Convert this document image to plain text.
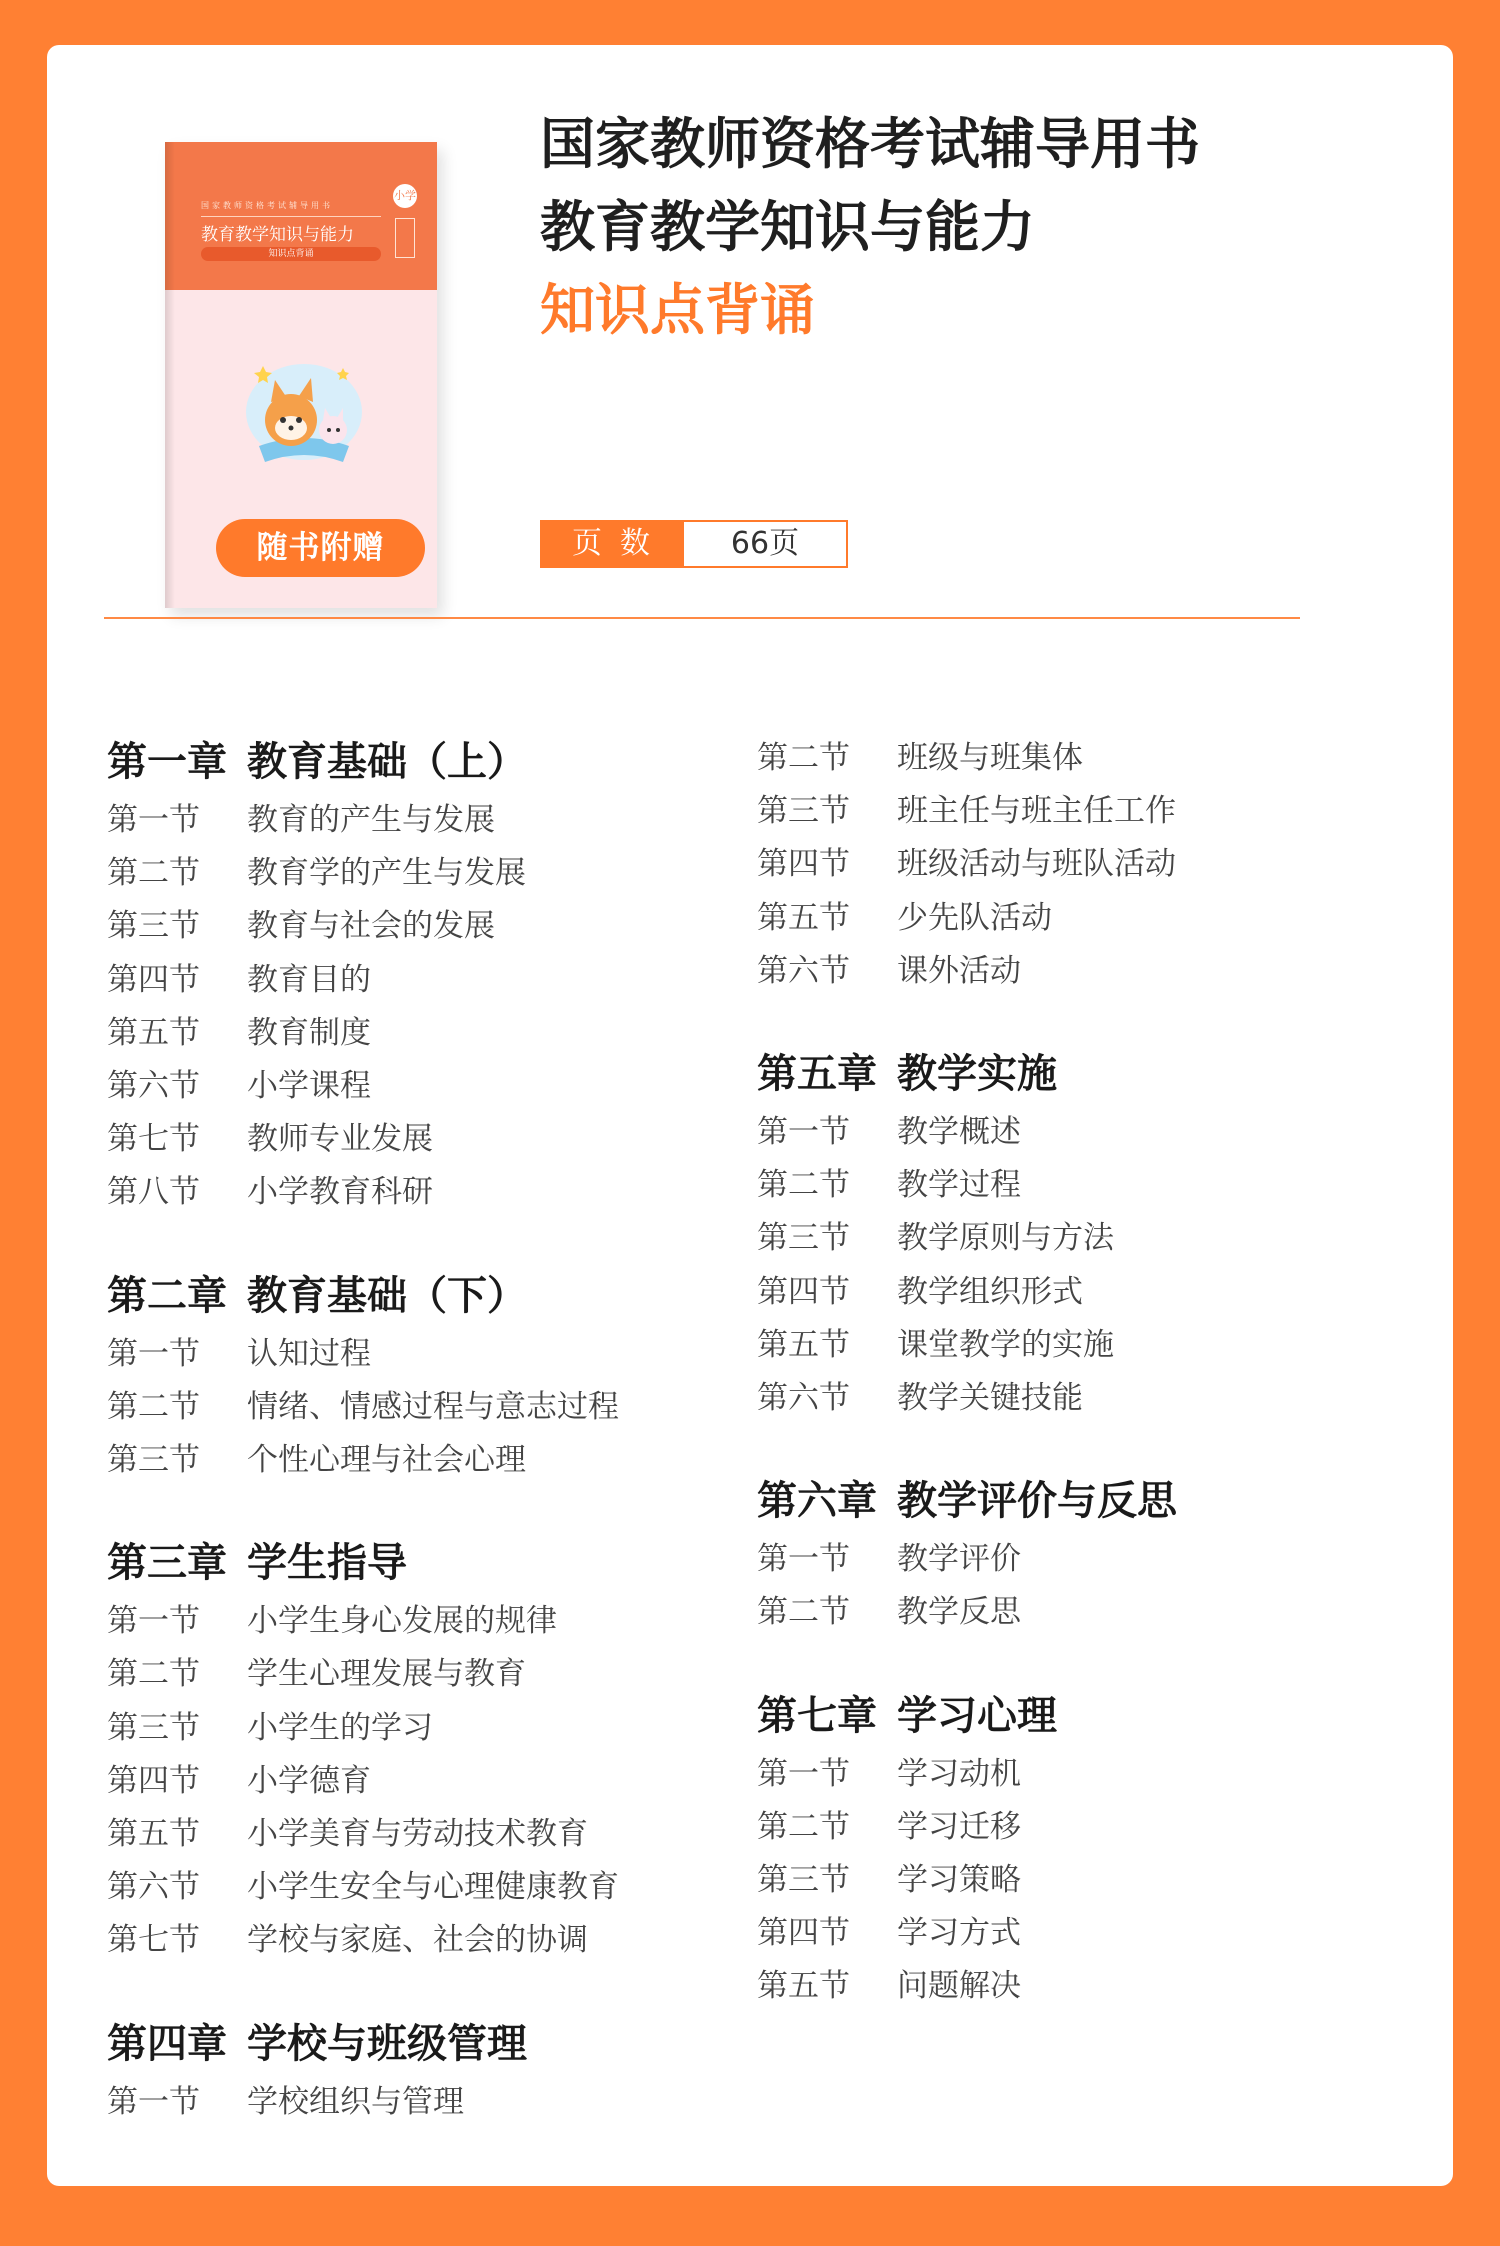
国家教师资格考试辅导用书
教育教学知识与能力
知识点背诵
小学
随书附赠
国家教师资格考试辅导用书
教育教学知识与能力
知识点背诵
页数	66页
第一章 教育基础（上）
第一节 教育的产生与发展
第二节 教育学的产生与发展
第三节 教育与社会的发展
第四节 教育目的
第五节 教育制度
第六节 小学课程
第七节 教师专业发展
第八节 小学教育科研
第二章 教育基础（下）
第一节 认知过程
第二节 情绪、情感过程与意志过程
第三节 个性心理与社会心理
第三章 学生指导
第一节 小学生身心发展的规律
第二节 学生心理发展与教育
第三节 小学生的学习
第四节 小学德育
第五节 小学美育与劳动技术教育
第六节 小学生安全与心理健康教育
第七节 学校与家庭、社会的协调
第四章 学校与班级管理
第一节 学校组织与管理
第二节 班级与班集体
第三节 班主任与班主任工作
第四节 班级活动与班队活动
第五节 少先队活动
第六节 课外活动
第五章 教学实施
第一节 教学概述
第二节 教学过程
第三节 教学原则与方法
第四节 教学组织形式
第五节 课堂教学的实施
第六节 教学关键技能
第六章 教学评价与反思
第一节 教学评价
第二节 教学反思
第七章 学习心理
第一节 学习动机
第二节 学习迁移
第三节 学习策略
第四节 学习方式
第五节 问题解决
